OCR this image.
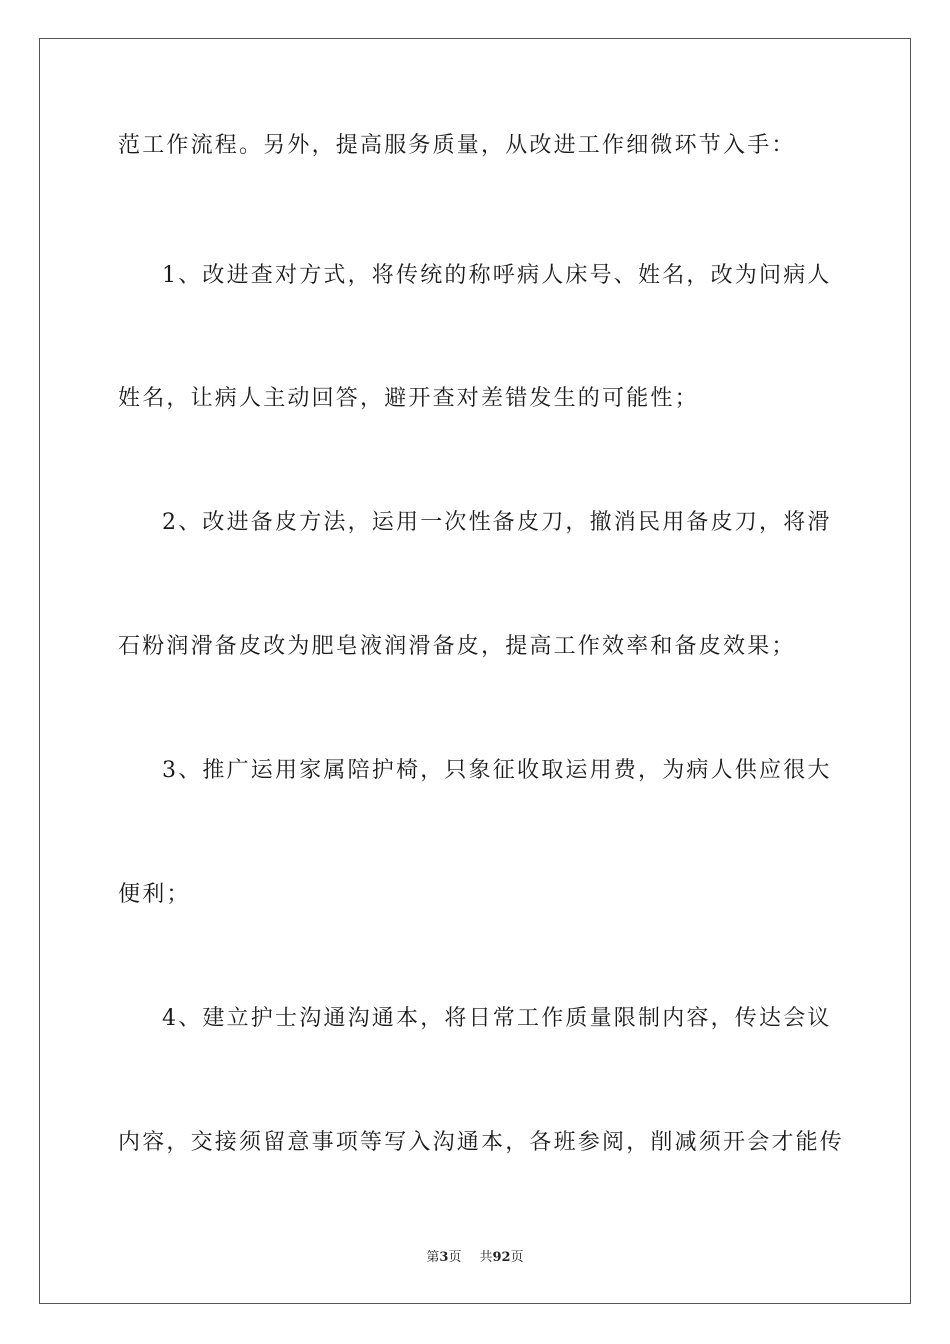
范工作流程。另外，提高服务质量，从改进工作细微环节入手：
1、改进查对方式，将传统的称呼病人床号、姓名，改为问病人
姓名，让病人主动回答，避开查对差错发生的可能性；
2、改进备皮方法，运用一次性备皮刀，撤消民用备皮刀，将滑
石粉润滑备皮改为肥皂液润滑备皮，提高工作效率和备皮效果；
3、推广运用家属陪护椅，只象征收取运用费，为病人供应很大
便利；
4、建立护士沟通沟通本，将日常工作质量限制内容，传达会议
内容，交接须留意事项等写入沟通本，各班参阅，削减须开会才能传
第3页 共92页
